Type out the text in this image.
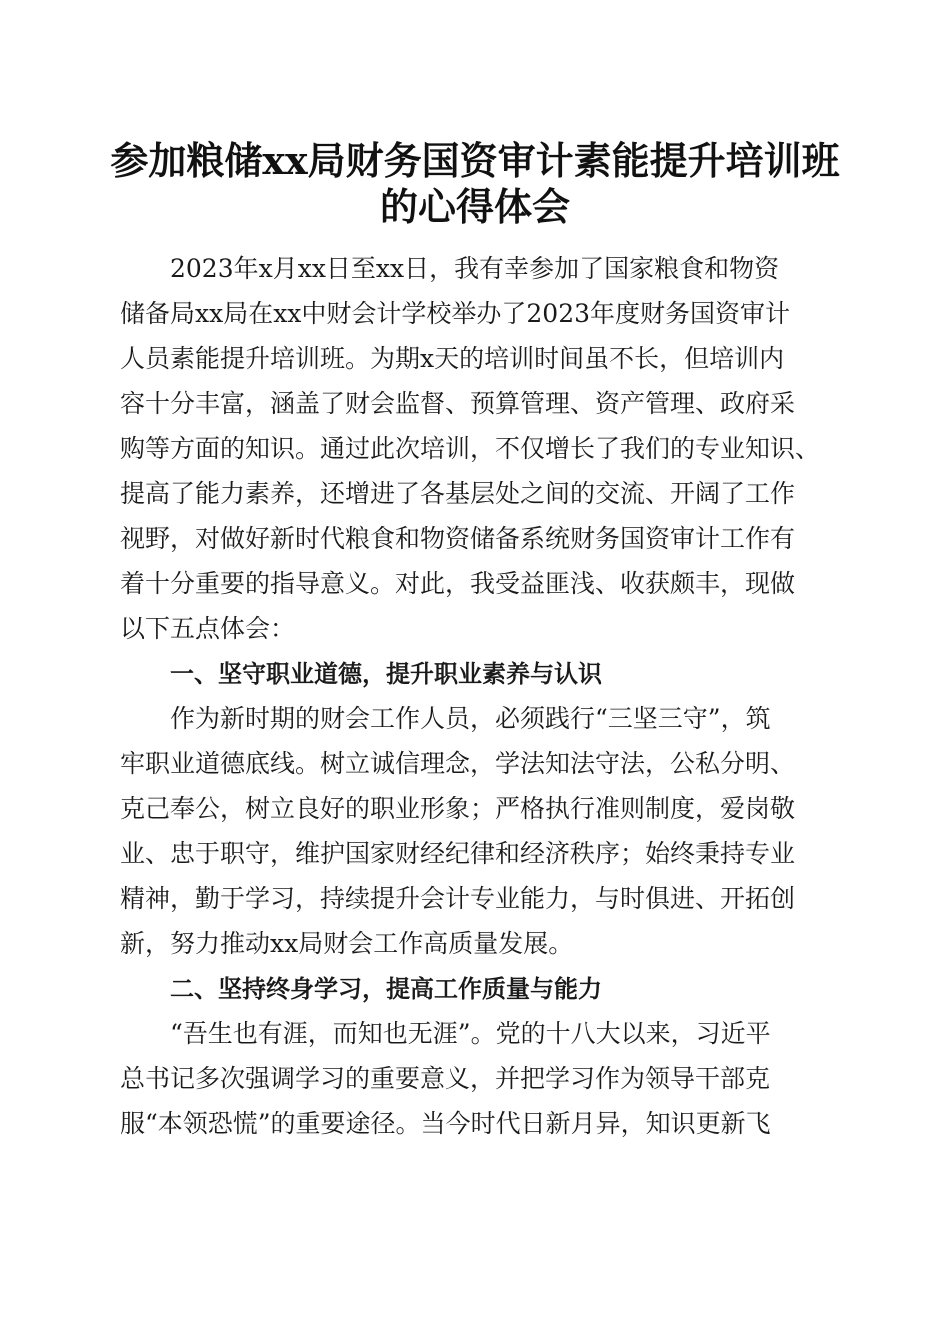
参加粮储xx局财务国资审计素能提升培训班
的心得体会

2023年x月xx日至xx日，我有幸参加了国家粮食和物资

储备局xx局在xx中财会计学校举办了2023年度财务国资审计

人员素能提升培训班。为期x天的培训时间虽不长，但培训内

容十分丰富，涵盖了财会监督、预算管理、资产管理、政府采

购等方面的知识。通过此次培训，不仅增长了我们的专业知识、

提高了能力素养，还增进了各基层处之间的交流、开阔了工作

视野，对做好新时代粮食和物资储备系统财务国资审计工作有

着十分重要的指导意义。对此，我受益匪浅、收获颇丰，现做

以下五点体会：

一、坚守职业道德，提升职业素养与认识

作为新时期的财会工作人员，必须践行“三坚三守”，筑

牢职业道德底线。树立诚信理念，学法知法守法，公私分明、

克己奉公，树立良好的职业形象；严格执行准则制度，爱岗敬

业、忠于职守，维护国家财经纪律和经济秩序；始终秉持专业

精神，勤于学习，持续提升会计专业能力，与时俱进、开拓创

新，努力推动xx局财会工作高质量发展。

二、坚持终身学习，提高工作质量与能力

“吾生也有涯，而知也无涯”。党的十八大以来，习近平

总书记多次强调学习的重要意义，并把学习作为领导干部克

服“本领恐慌”的重要途径。当今时代日新月异，知识更新飞
